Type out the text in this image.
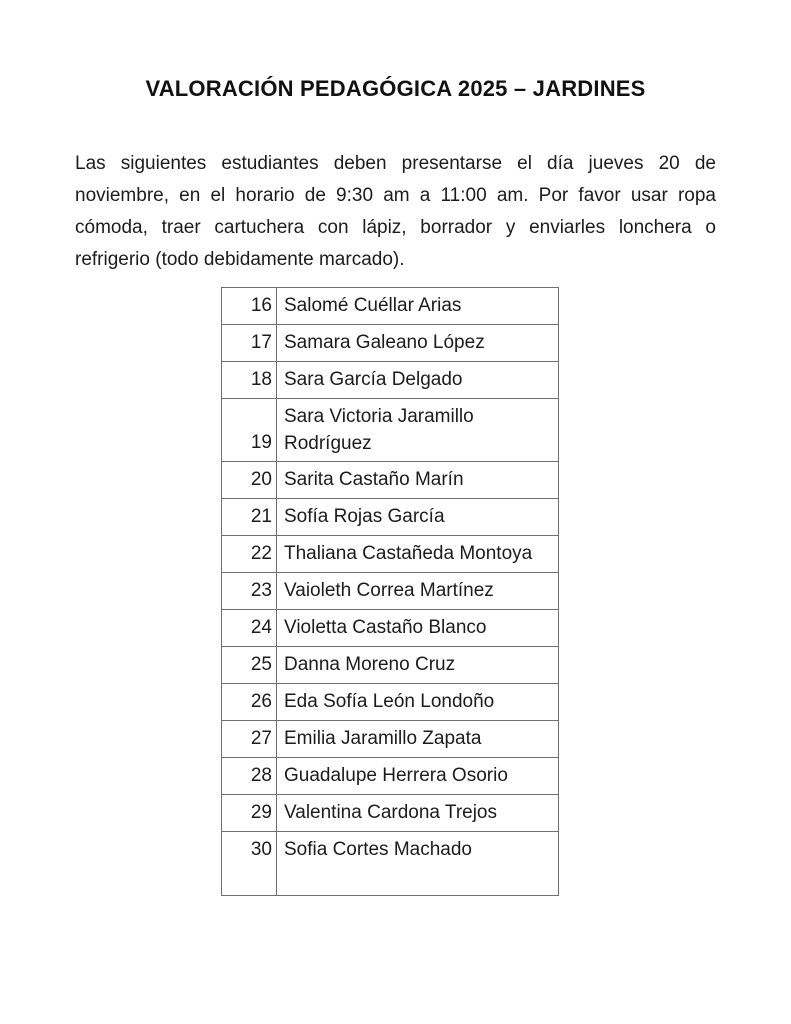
VALORACIÓN PEDAGÓGICA 2025 – JARDINES
Las siguientes estudiantes deben presentarse el día jueves 20 de
noviembre, en el horario de 9:30 am a 11:00 am. Por favor usar ropa
cómoda, traer cartuchera con lápiz, borrador y enviarles lonchera o
refrigerio (todo debidamente marcado).
16	Salomé Cuéllar Arias
17	Samara Galeano López
18	Sara García Delgado
19	Sara Victoria Jaramillo Rodríguez
20	Sarita Castaño Marín
21	Sofía Rojas García
22	Thaliana Castañeda Montoya
23	Vaioleth Correa Martínez
24	Violetta Castaño Blanco
25	Danna Moreno Cruz
26	Eda Sofía León Londoño
27	Emilia Jaramillo Zapata
28	Guadalupe Herrera Osorio
29	Valentina Cardona Trejos
30	Sofia Cortes Machado
